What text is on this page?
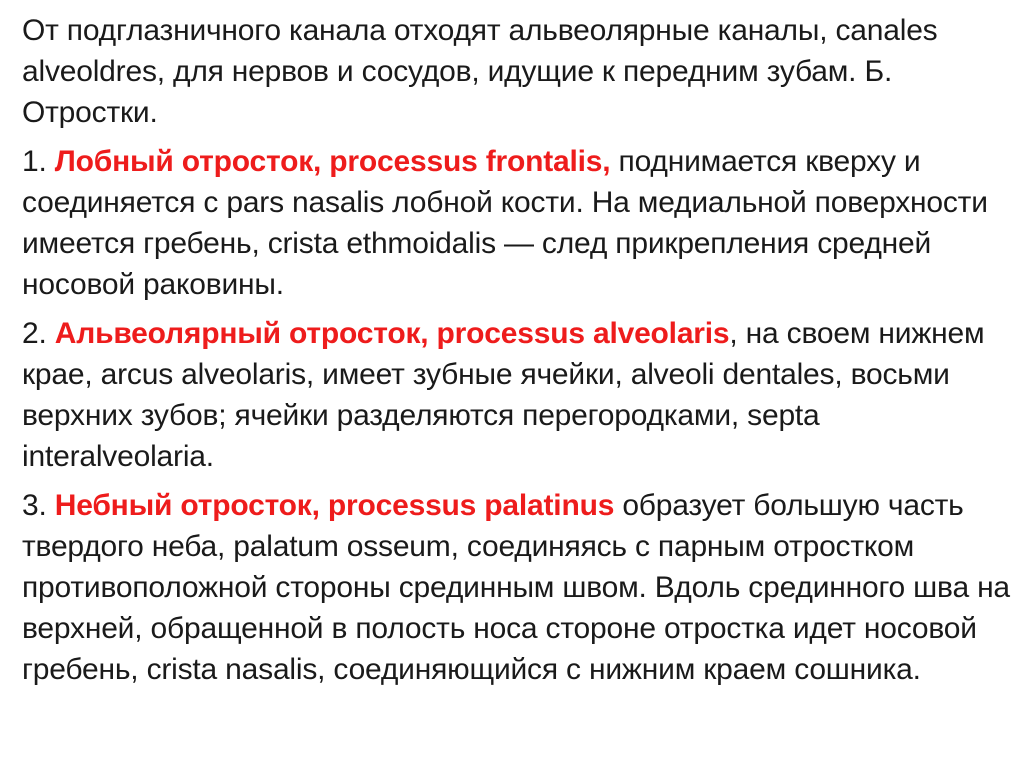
От подглазничного канала отходят альвеолярные каналы, canales alveoldres, для нервов и сосудов, идущие к передним зубам. Б. Отростки.

1. Лобный отросток, processus frontalis, поднимается кверху и соединяется с pars nasalis лобной кости. На медиальной поверхности имеется гребень, crista ethmoidalis — след прикрепления средней носовой раковины.

2. Альвеолярный отросток, processus alveolaris, на своем нижнем крае, arcus alveolaris, имеет зубные ячейки, alveoli dentales, восьми верхних зубов; ячейки разделяются перегородками, septa interalveolaria.

3. Небный отросток, processus palatinus образует большую часть твердого неба, palatum osseum, соединяясь с парным отростком противоположной стороны срединным швом. Вдоль срединного шва на верхней, обращенной в полость носа стороне отростка идет носовой гребень, crista nasalis, соединяющийся с нижним краем сошника.
